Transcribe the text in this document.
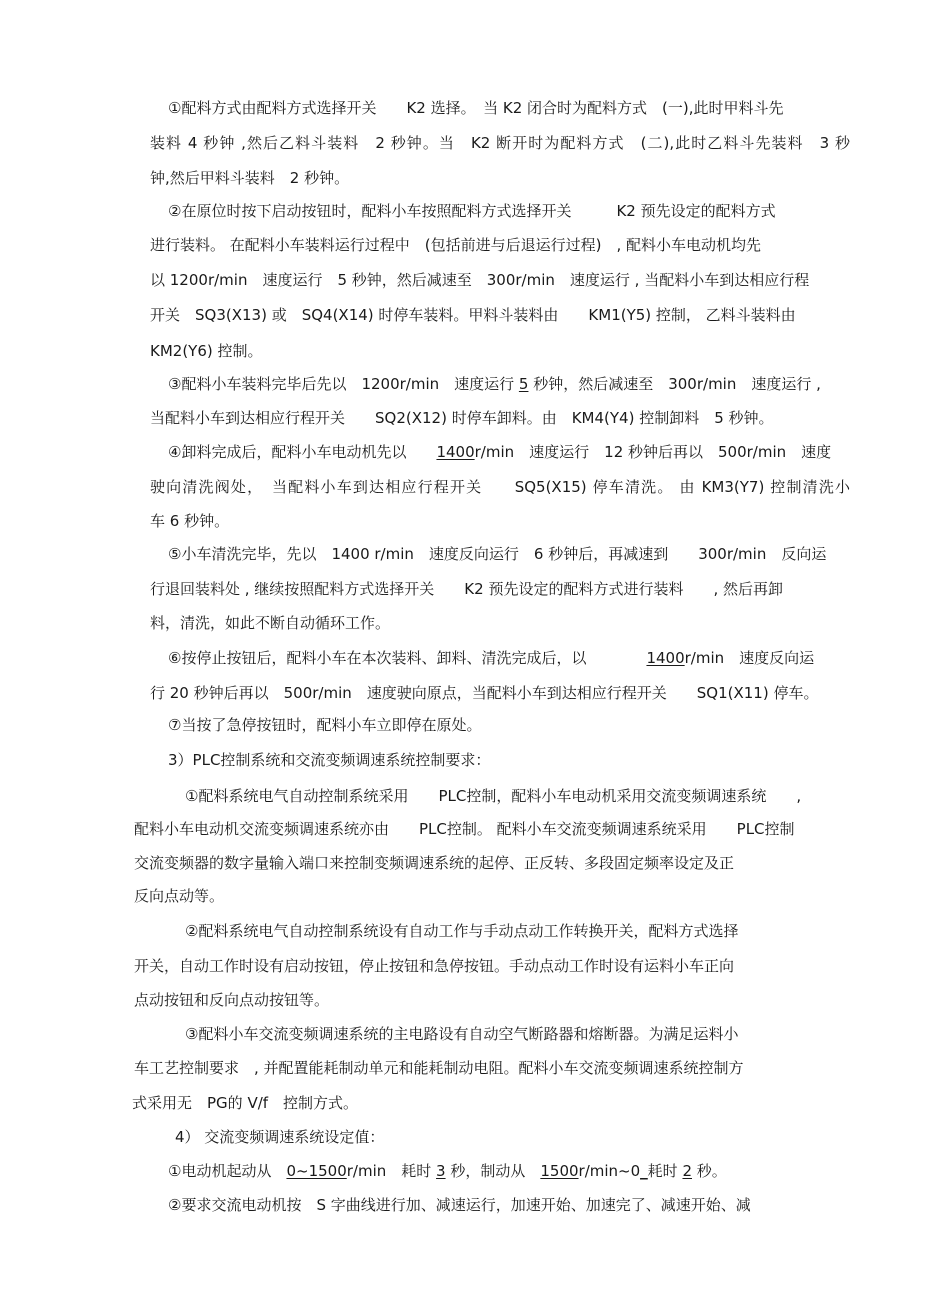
①配料方式由配料方式选择开关　　K2 选择。　当 K2 闭合时为配料方式　(一),此时甲料斗先

装料 4 秒钟 ,然后乙料斗装料　2 秒钟。当　K2 断开时为配料方式　(二),此时乙料斗先装料　3 秒

钟,然后甲料斗装料　2 秒钟。

②在原位时按下启动按钮时，配料小车按照配料方式选择开关　　　K2 预先设定的配料方式

进行装料。 在配料小车装料运行过程中　(包括前进与后退运行过程)　, 配料小车电动机均先

以 1200r/min　速度运行　5 秒钟，然后减速至　300r/min　速度运行 , 当配料小车到达相应行程

开关　SQ3(X13) 或　SQ4(X14) 时停车装料。甲料斗装料由　　KM1(Y5) 控制， 乙料斗装料由

KM2(Y6) 控制。

③配料小车装料完毕后先以　1200r/min　速度运行 5 秒钟，然后减速至　300r/min　速度运行 ,

当配料小车到达相应行程开关　　SQ2(X12) 时停车卸料。由　KM4(Y4) 控制卸料　5 秒钟。

④卸料完成后，配料小车电动机先以　　1400r/min　速度运行　12 秒钟后再以　500r/min　速度

驶向清洗阀处，　当配料小车到达相应行程开关　　SQ5(X15) 停车清洗。 由 KM3(Y7) 控制清洗小

车 6 秒钟。

⑤小车清洗完毕，先以　1400 r/min　速度反向运行　6 秒钟后，再减速到　　300r/min　反向运

行退回装料处 , 继续按照配料方式选择开关　　K2 预先设定的配料方式进行装料　　, 然后再卸

料，清洗，如此不断自动循环工作。

⑥按停止按钮后，配料小车在本次装料、卸料、清洗完成后，以　　　　1400r/min　速度反向运

行 20 秒钟后再以　500r/min　速度驶向原点，当配料小车到达相应行程开关　　SQ1(X11) 停车。

⑦当按了急停按钮时，配料小车立即停在原处。

3）PLC控制系统和交流变频调速系统控制要求：

①配料系统电气自动控制系统采用　　PLC控制，配料小车电动机采用交流变频调速系统　　,

配料小车电动机交流变频调速系统亦由　　PLC控制。 配料小车交流变频调速系统采用　　PLC控制

交流变频器的数字量输入端口来控制变频调速系统的起停、正反转、多段固定频率设定及正

反向点动等。

②配料系统电气自动控制系统设有自动工作与手动点动工作转换开关，配料方式选择

开关，自动工作时设有启动按钮，停止按钮和急停按钮。手动点动工作时设有运料小车正向

点动按钮和反向点动按钮等。

③配料小车交流变频调速系统的主电路设有自动空气断路器和熔断器。为满足运料小

车工艺控制要求　, 并配置能耗制动单元和能耗制动电阻。配料小车交流变频调速系统控制方

式采用无　PG的 V/f　控制方式。

4） 交流变频调速系统设定值：

①电动机起动从　0~1500r/min　耗时 3 秒，制动从　1500r/min~0_耗时 2 秒。

②要求交流电动机按　S 字曲线进行加、减速运行，加速开始、加速完了、减速开始、减
